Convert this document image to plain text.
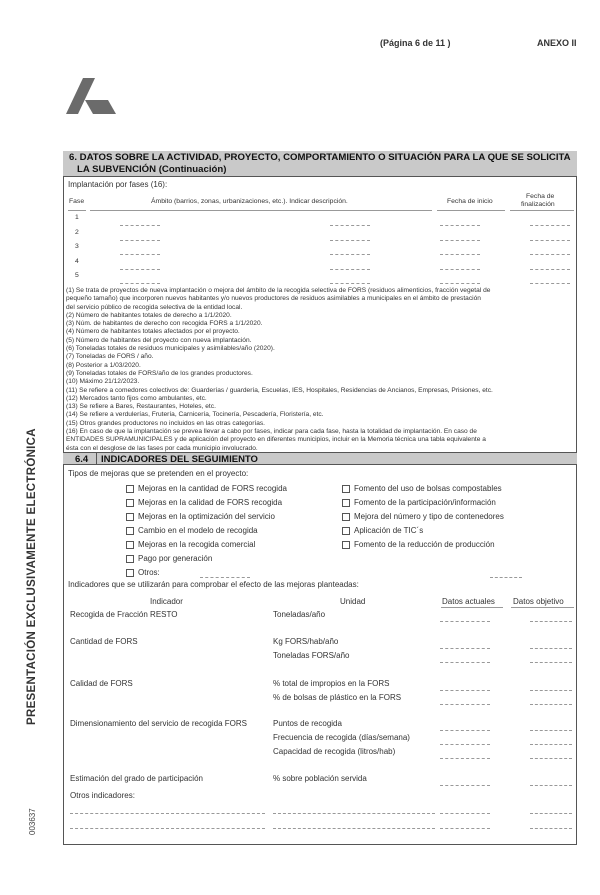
(Página 6 de 11 )	ANEXO II
PRESENTACIÓN EXCLUSIVAMENTE ELECTRÓNICA
003637
6. DATOS SOBRE LA ACTIVIDAD, PROYECTO, COMPORTAMIENTO O SITUACIÓN PARA LA QUE SE SOLICITA
LA SUBVENCIÓN (Continuación)
Implantación por fases (16):
Fase	Ámbito (barrios, zonas, urbanizaciones, etc.). Indicar descripción.	Fecha de inicio
Fecha de
finalización
1
2
3
4
5
(1) Se trata de proyectos de nueva implantación o mejora del ámbito de la recogida selectiva de FORS (residuos alimenticios, fracción vegetal de
pequeño tamaño) que incorporen nuevos habitantes y/o nuevos productores de residuos asimilables a municipales en el ámbito de prestación
del servicio público de recogida selectiva de la entidad local.
(2) Número de habitantes totales de derecho a 1/1/2020.
(3) Núm. de habitantes de derecho con recogida FORS a 1/1/2020.
(4) Número de habitantes totales afectados por el proyecto.
(5) Número de habitantes del proyecto con nueva implantación.
(6) Toneladas totales de residuos municipales y asimilables/año (2020).
(7) Toneladas de FORS / año.
(8) Posterior a 1/03/2020.
(9) Toneladas totales de FORS/año de los grandes productores.
(10) Máximo 21/12/2023.
(11) Se refiere a comedores colectivos de: Guarderías / guardería, Escuelas, IES, Hospitales, Residencias de Ancianos, Empresas, Prisiones, etc.
(12) Mercados tanto fijos como ambulantes, etc.
(13) Se refiere a Bares, Restaurantes, Hoteles, etc.
(14) Se refiere a verdulerías, Frutería, Carnicería, Tocinería, Pescadería, Floristería, etc.
(15) Otros grandes productores no incluidos en las otras categorías.
(16) En caso de que la implantación se prevea llevar a cabo por fases, indicar para cada fase, hasta la totalidad de implantación. En caso de
ENTIDADES SUPRAMUNICIPALES y de aplicación del proyecto en diferentes municipios, incluir en la Memoria técnica una tabla equivalente a
ésta con el desglose de las fases por cada municipio involucrado.
6.4 INDICADORES DEL SEGUIMIENTO
Tipos de mejoras que se pretenden en el proyecto:
Mejoras en la cantidad de FORS recogida
Mejoras en la calidad de FORS recogida
Mejoras en la optimización del servicio
Cambio en el modelo de recogida
Mejoras en la recogida comercial
Pago por generación
Otros:
Fomento del uso de bolsas compostables
Fomento de la participación/información
Mejora del número y tipo de contenedores
Aplicación de TIC´s
Fomento de la reducción de producción
Indicadores que se utilizarán para comprobar el efecto de las mejoras planteadas:
Indicador	Unidad	Datos actuales Datos objetivo
Recogida de Fracción RESTO	Toneladas/año
Cantidad de FORS	Kg FORS/hab/año
Toneladas FORS/año
Calidad de FORS	% total de impropios en la FORS
% de bolsas de plástico en la FORS
Dimensionamiento del servicio de recogida FORS	Puntos de recogida
Frecuencia de recogida (días/semana)
Capacidad de recogida (litros/hab)
Estimación del grado de participación	% sobre población servida
Otros indicadores:
